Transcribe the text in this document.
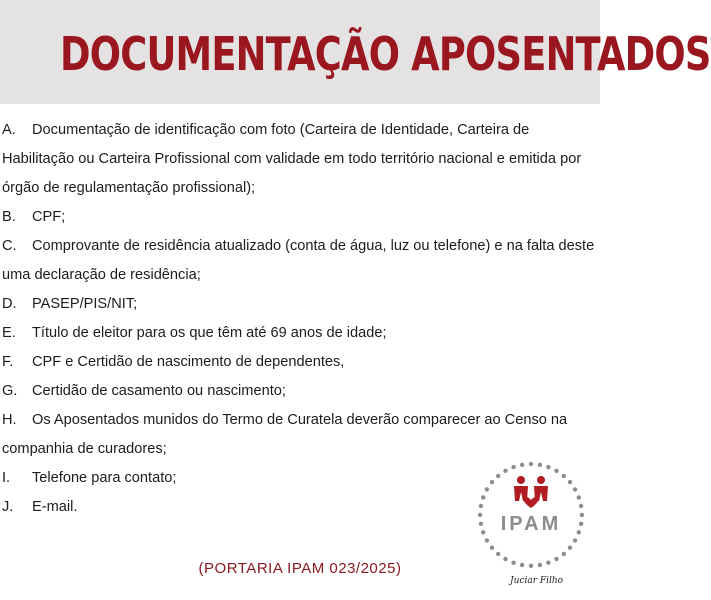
DOCUMENTAÇÃO APOSENTADOS

A. Documentação de identificação com foto (Carteira de Identidade, Carteira de Habilitação ou Carteira Profissional com validade em todo território nacional e emitida por órgão de regulamentação profissional);

B. CPF;

C. Comprovante de residência atualizado (conta de água, luz ou telefone) e na falta deste uma declaração de residência;

D. PASEP/PIS/NIT;

E. Título de eleitor para os que têm até 69 anos de idade;

F. CPF e Certidão de nascimento de dependentes,

G. Certidão de casamento ou nascimento;

H. Os Aposentados munidos do Termo de Curatela deverão comparecer ao Censo na companhia de curadores;

I. Telefone para contato;

J. E-mail.

(PORTARIA IPAM 023/2025)
IPAM
Juciar Filho
